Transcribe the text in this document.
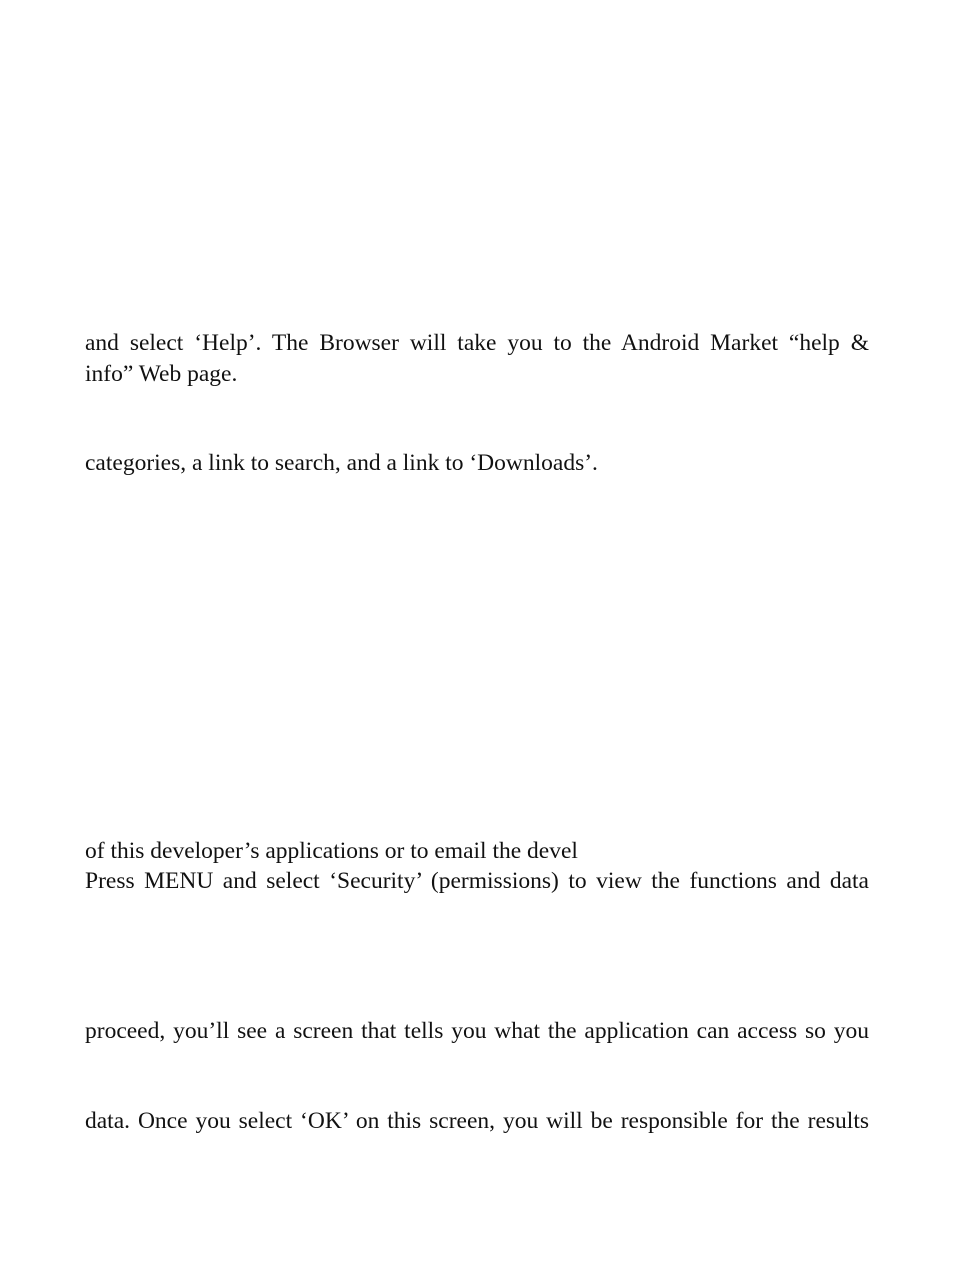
and select ‘Help’. The Browser will take you to the Android Market “help &
info” Web page.
categories, a link to search, and a link to ‘Downloads’.
of this developer’s applications or to email the devel
Press MENU and select ‘Security’ (permissions) to view the functions and data
proceed, you’ll see a screen that tells you what the application can access so you
data. Once you select ‘OK’ on this screen, you will be responsible for the results
